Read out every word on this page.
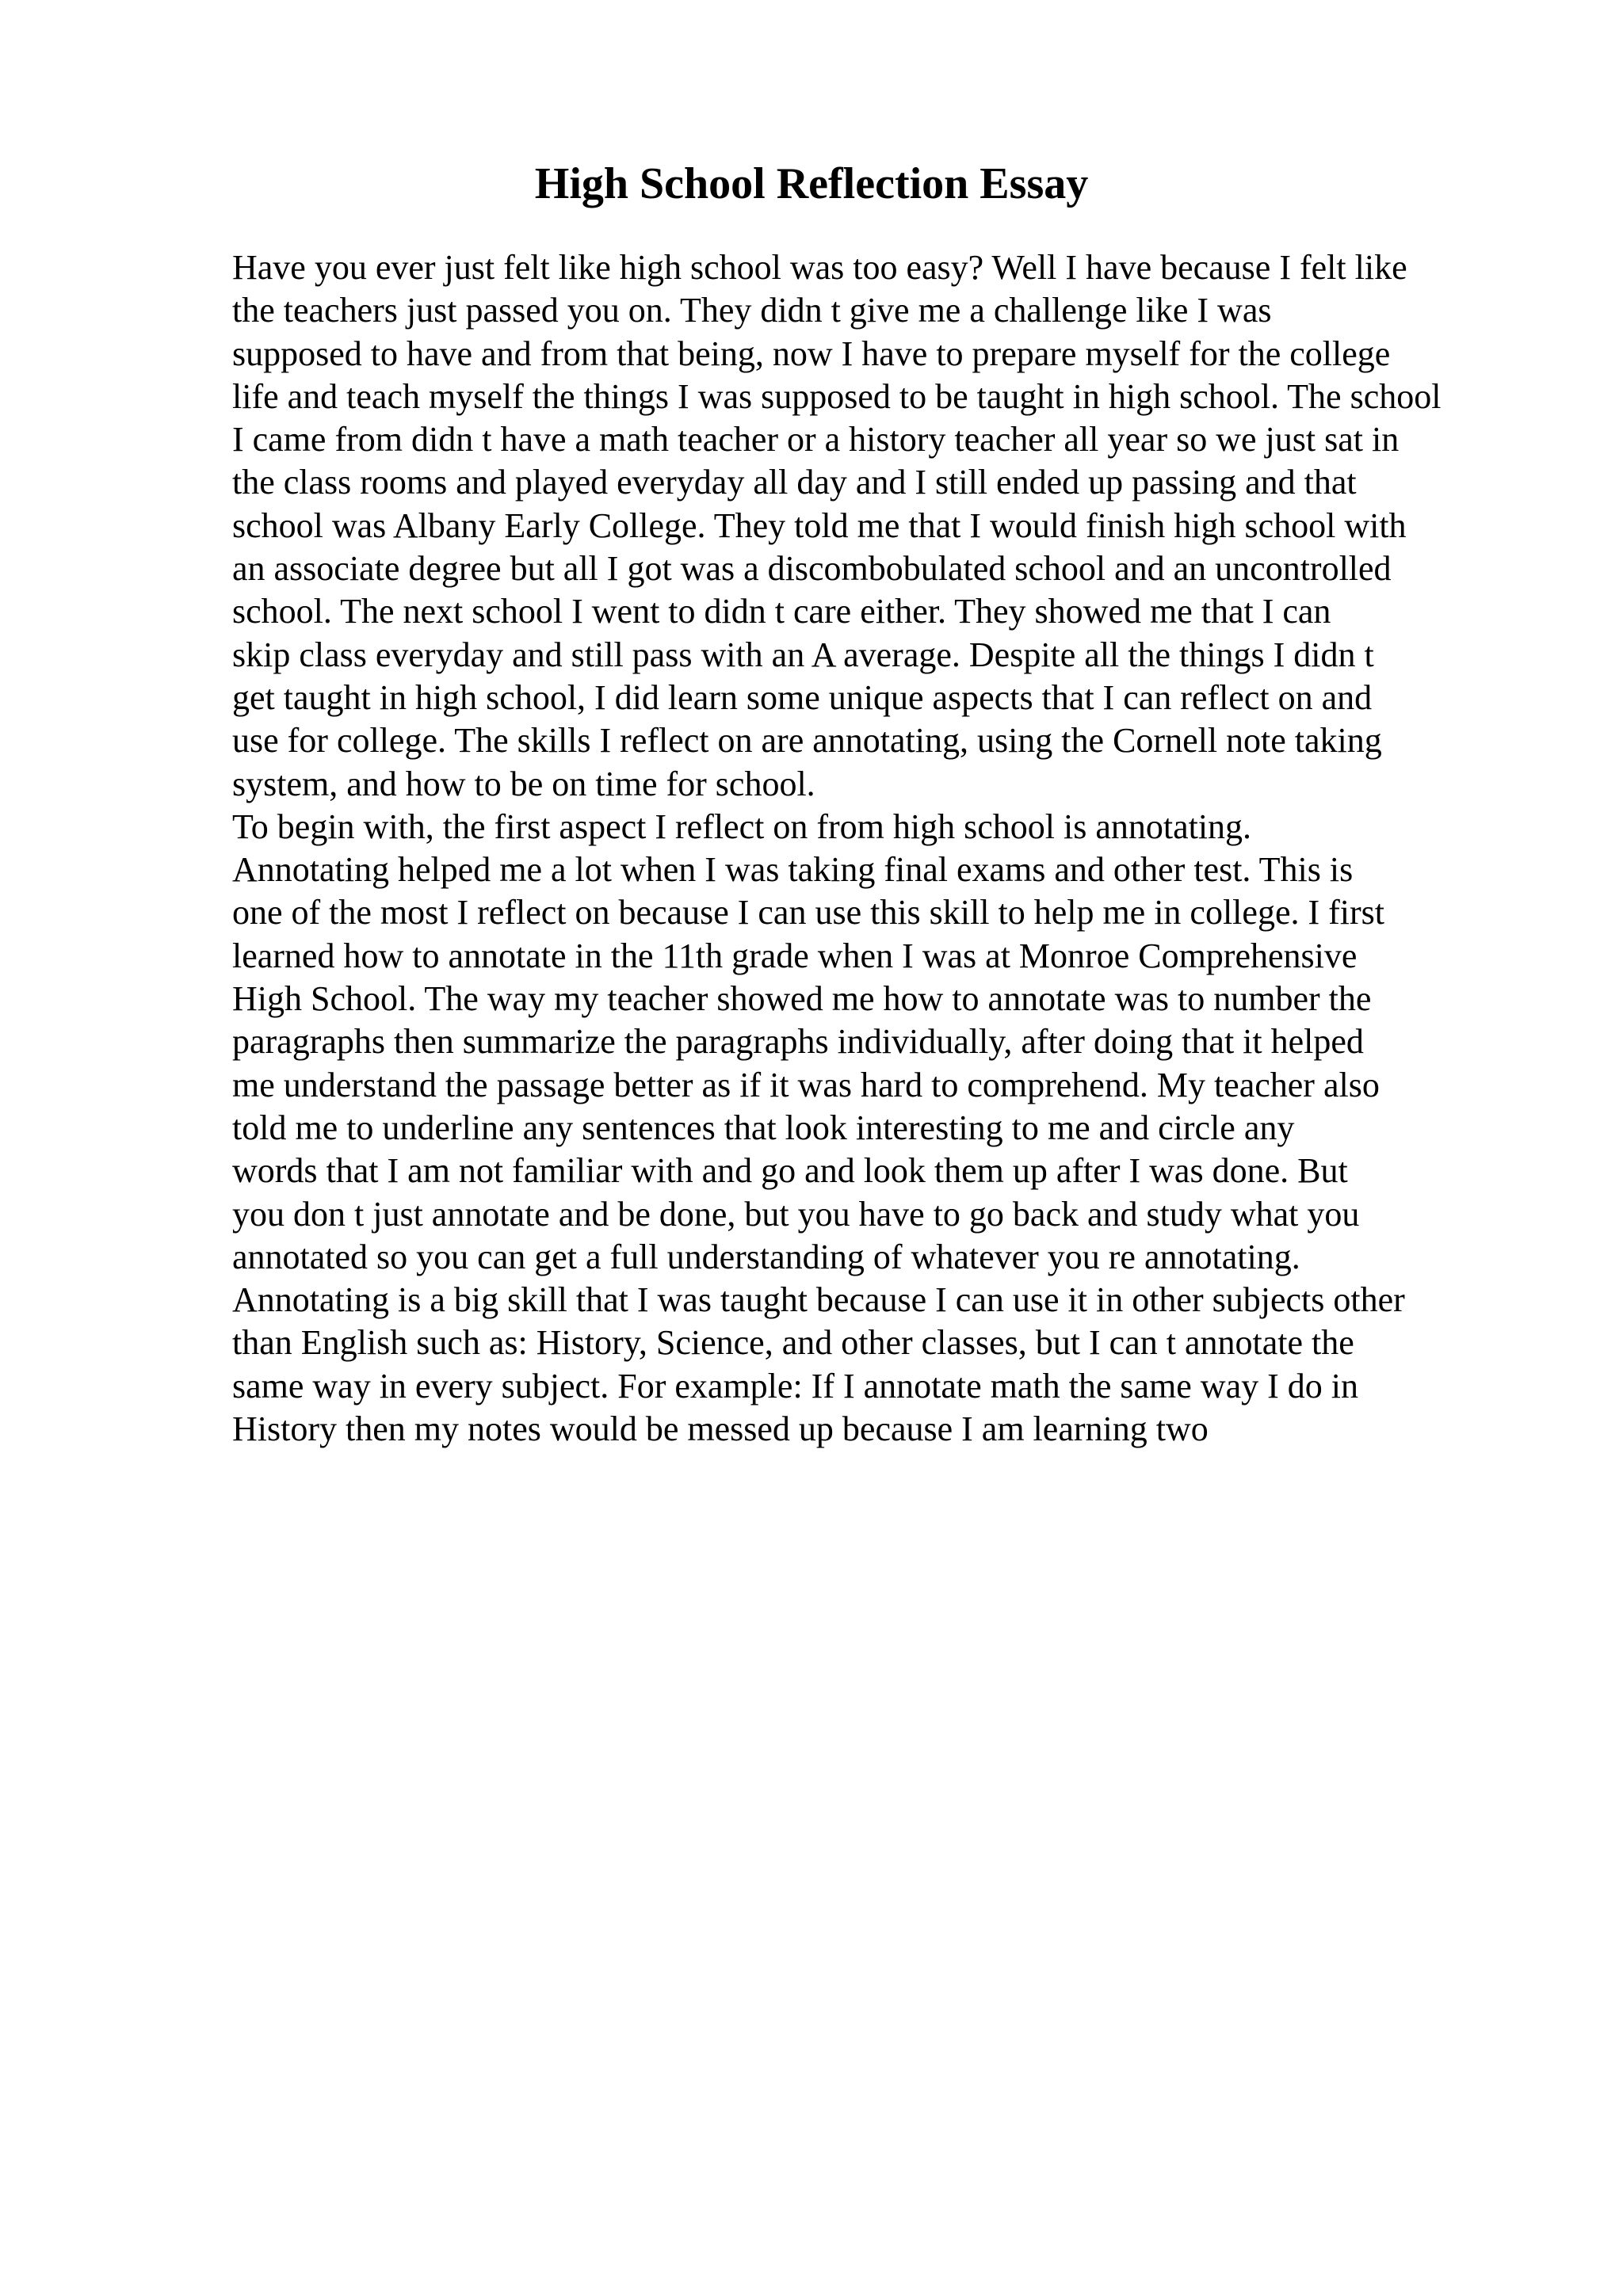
High School Reflection Essay
Have you ever just felt like high school was too easy? Well I have because I felt like
the teachers just passed you on. They didn t give me a challenge like I was
supposed to have and from that being, now I have to prepare myself for the college
life and teach myself the things I was supposed to be taught in high school. The school
I came from didn t have a math teacher or a history teacher all year so we just sat in
the class rooms and played everyday all day and I still ended up passing and that
school was Albany Early College. They told me that I would finish high school with
an associate degree but all I got was a discombobulated school and an uncontrolled
school. The next school I went to didn t care either. They showed me that I can
skip class everyday and still pass with an A average. Despite all the things I didn t
get taught in high school, I did learn some unique aspects that I can reflect on and
use for college. The skills I reflect on are annotating, using the Cornell note taking
system, and how to be on time for school.
To begin with, the first aspect I reflect on from high school is annotating.
Annotating helped me a lot when I was taking final exams and other test. This is
one of the most I reflect on because I can use this skill to help me in college. I first
learned how to annotate in the 11th grade when I was at Monroe Comprehensive
High School. The way my teacher showed me how to annotate was to number the
paragraphs then summarize the paragraphs individually, after doing that it helped
me understand the passage better as if it was hard to comprehend. My teacher also
told me to underline any sentences that look interesting to me and circle any
words that I am not familiar with and go and look them up after I was done. But
you don t just annotate and be done, but you have to go back and study what you
annotated so you can get a full understanding of whatever you re annotating.
Annotating is a big skill that I was taught because I can use it in other subjects other
than English such as: History, Science, and other classes, but I can t annotate the
same way in every subject. For example: If I annotate math the same way I do in
History then my notes would be messed up because I am learning two
